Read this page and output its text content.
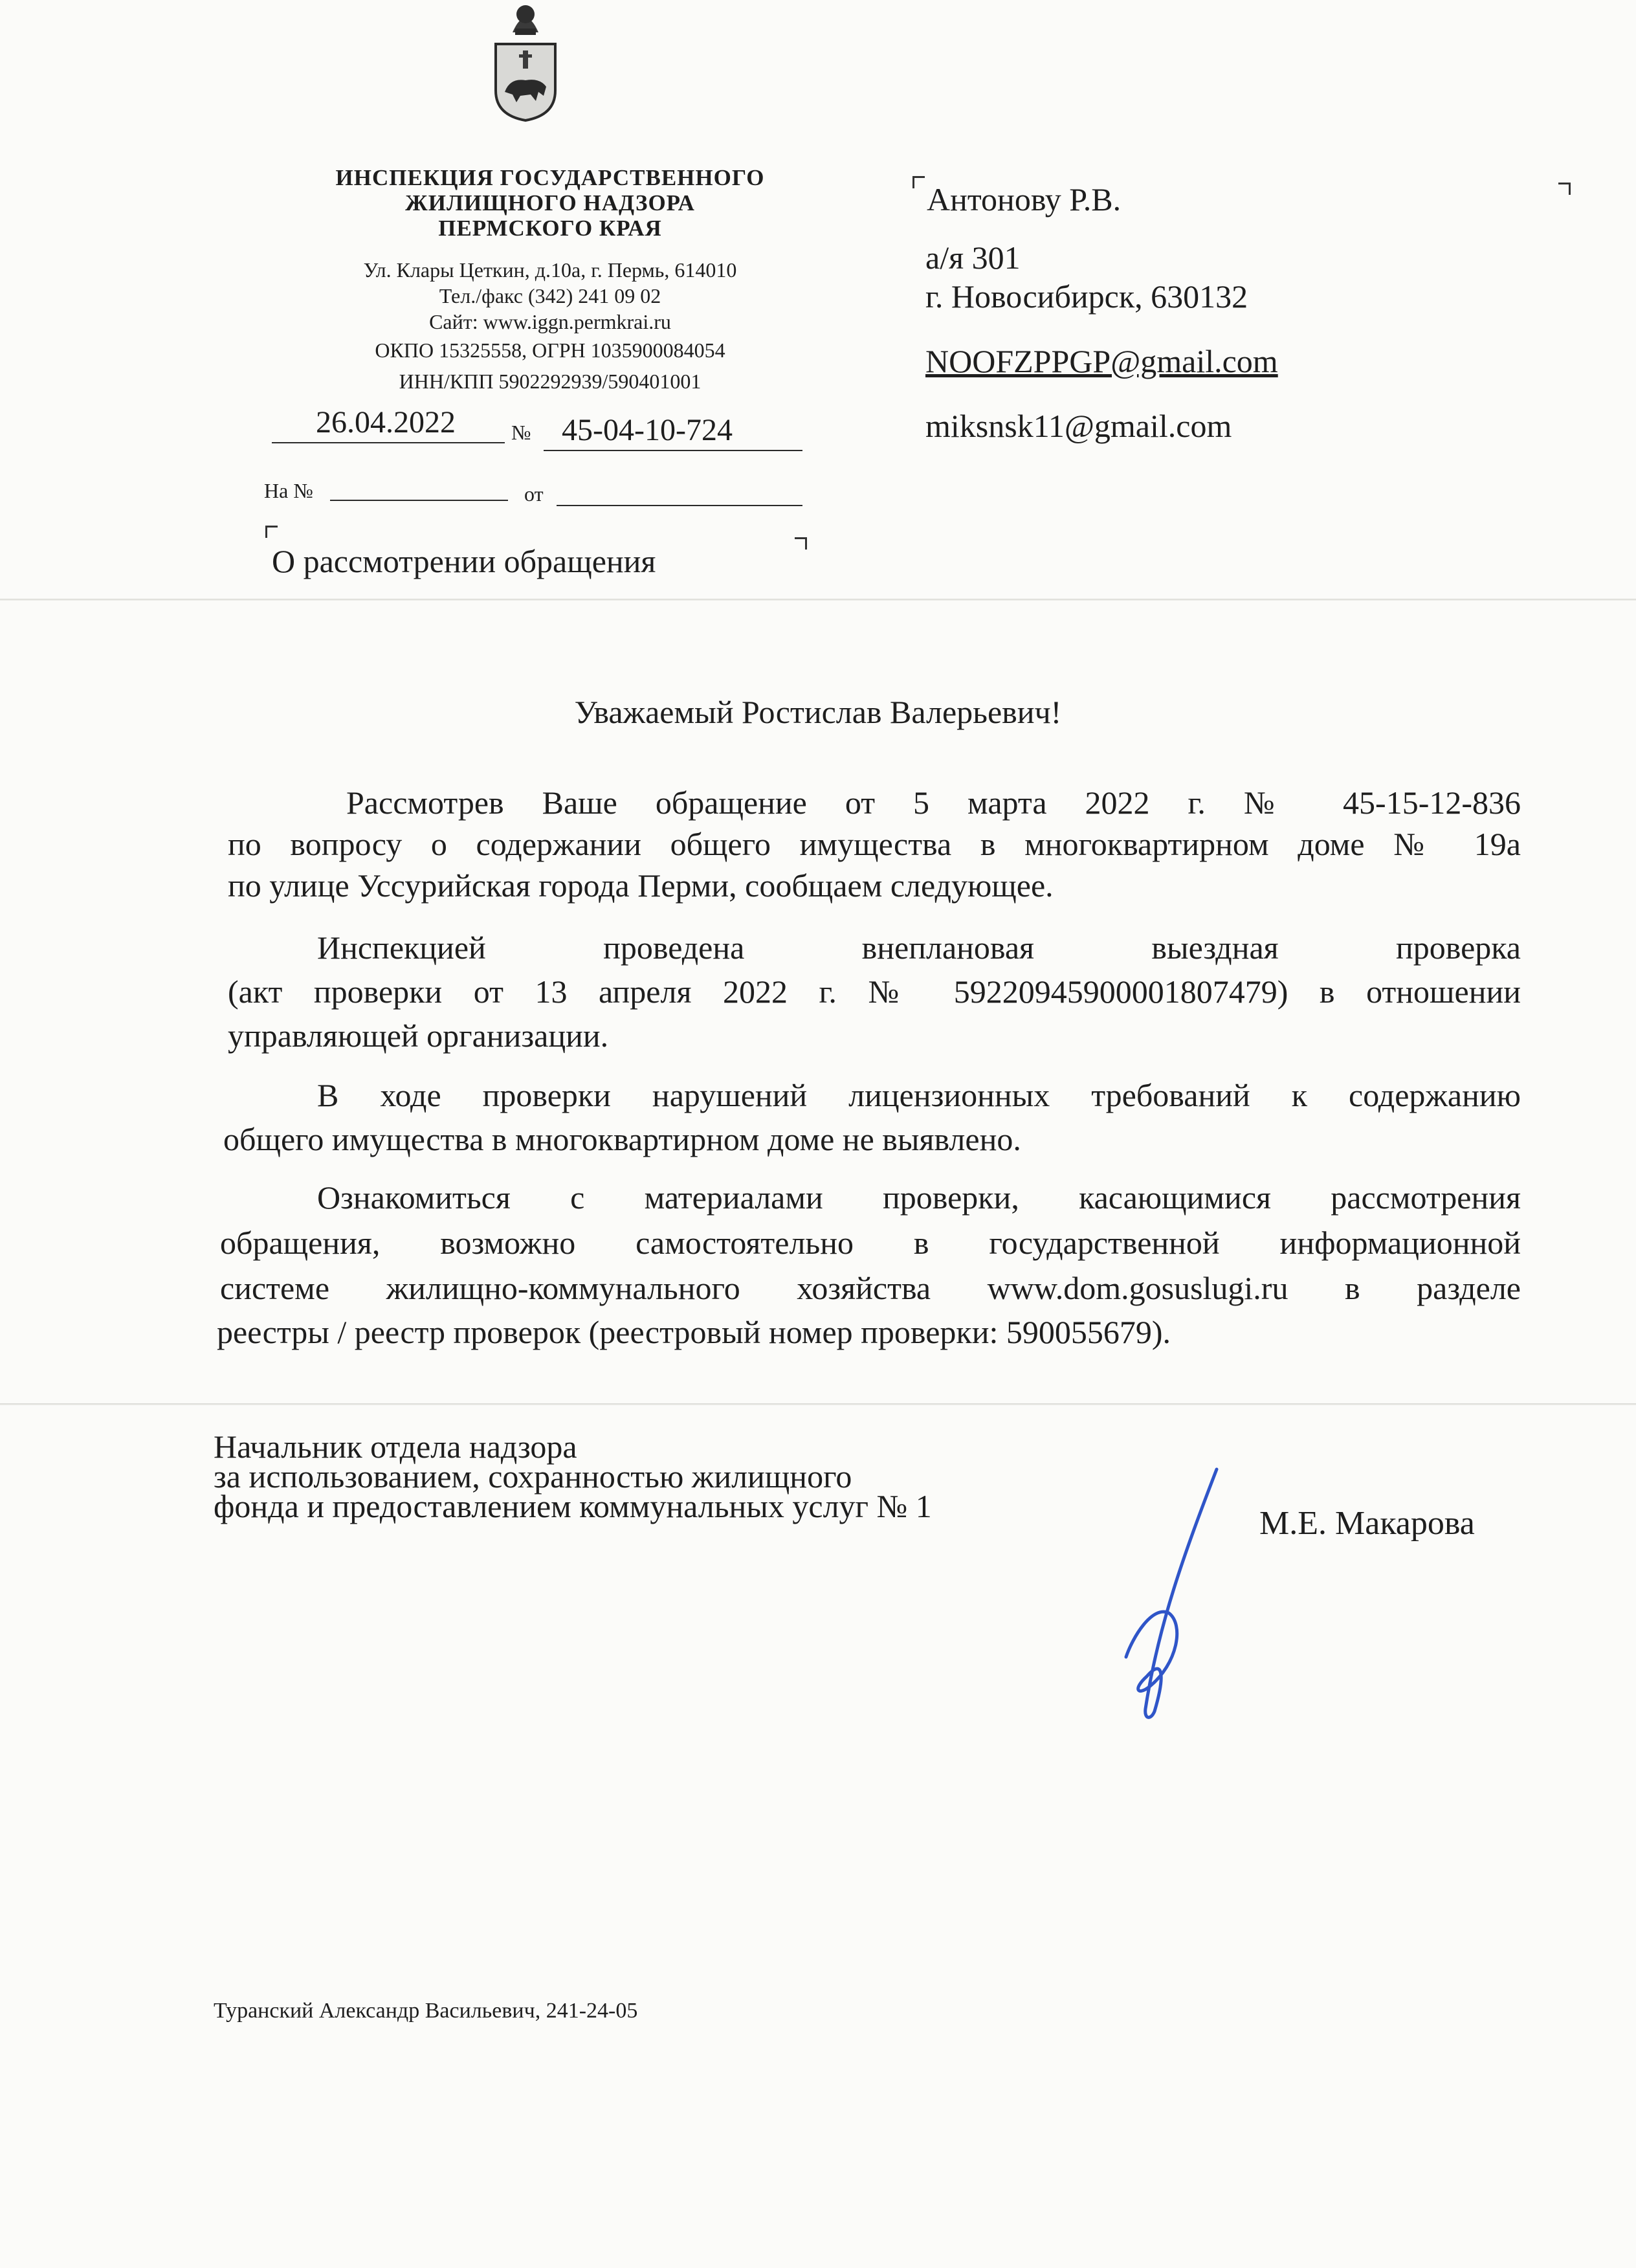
ИНСПЕКЦИЯ ГОСУДАРСТВЕННОГО
ЖИЛИЩНОГО НАДЗОРА
ПЕРМСКОГО КРАЯ
Ул. Клары Цеткин, д.10а, г. Пермь, 614010
Тел./факс (342) 241 09 02
Сайт: www.iggn.permkrai.ru
ОКПО 15325558, ОГРН 1035900084054
ИНН/КПП 5902292939/590401001
26.04.2022	№ 45-04-10-724
На №	от
О рассмотрении обращения
Антонову Р.В.
а/я 301
г. Новосибирск, 630132
NOOFZPPGP@gmail.com
miksnsk11@gmail.com
Уважаемый Ростислав Валерьевич!
Рассмотрев Ваше обращение от 5 марта 2022 г. № 45-15-12-836
по вопросу о содержании общего имущества в многоквартирном доме № 19а
по улице Уссурийская города Перми, сообщаем следующее.
Инспекцией проведена внеплановая выездная проверка
(акт проверки от 13 апреля 2022 г. № 59220945900001807479) в отношении
управляющей организации.
В ходе проверки нарушений лицензионных требований к содержанию
общего имущества в многоквартирном доме не выявлено.
Ознакомиться с материалами проверки, касающимися рассмотрения
обращения, возможно самостоятельно в государственной информационной
системе жилищно-коммунального хозяйства www.dom.gosuslugi.ru в разделе
реестры / реестр проверок (реестровый номер проверки: 590055679).
Начальник отдела надзора
за использованием, сохранностью жилищного
фонда и предоставлением коммунальных услуг № 1	М.Е. Макарова
Туранский Александр Васильевич, 241-24-05
